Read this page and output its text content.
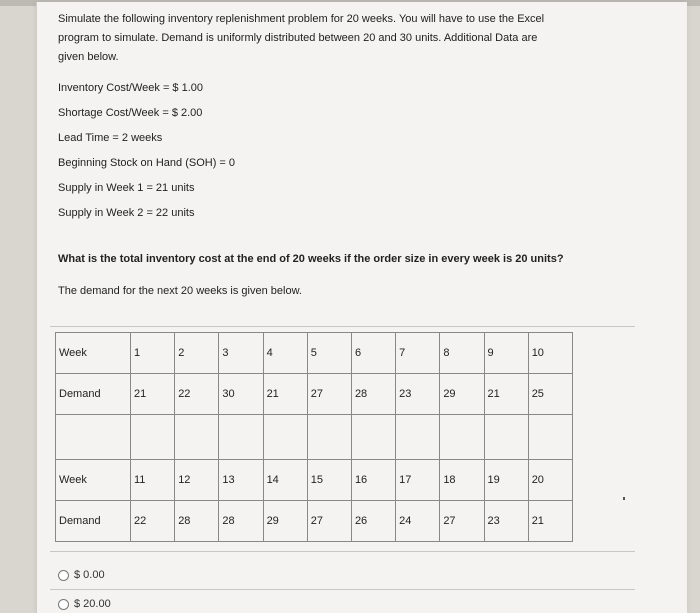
Simulate the following inventory replenishment problem for 20 weeks. You will have to use the Excel program to simulate. Demand is uniformly distributed between 20 and 30 units. Additional Data are given below.
Inventory Cost/Week = $ 1.00
Shortage Cost/Week = $ 2.00
Lead Time = 2 weeks
Beginning Stock on Hand (SOH) = 0
Supply in Week 1 = 21 units
Supply in Week 2 = 22 units
What is the total inventory cost at the end of 20 weeks if the order size in every week is 20 units?
The demand for the next 20 weeks is given below.
Week	1	2	3	4	5	6	7	8	9	10
Demand	21	22	30	21	27	28	23	29	21	25

Week	11	12	13	14	15	16	17	18	19	20
Demand	22	28	28	29	27	26	24	27	23	21
$ 0.00
$ 20.00
